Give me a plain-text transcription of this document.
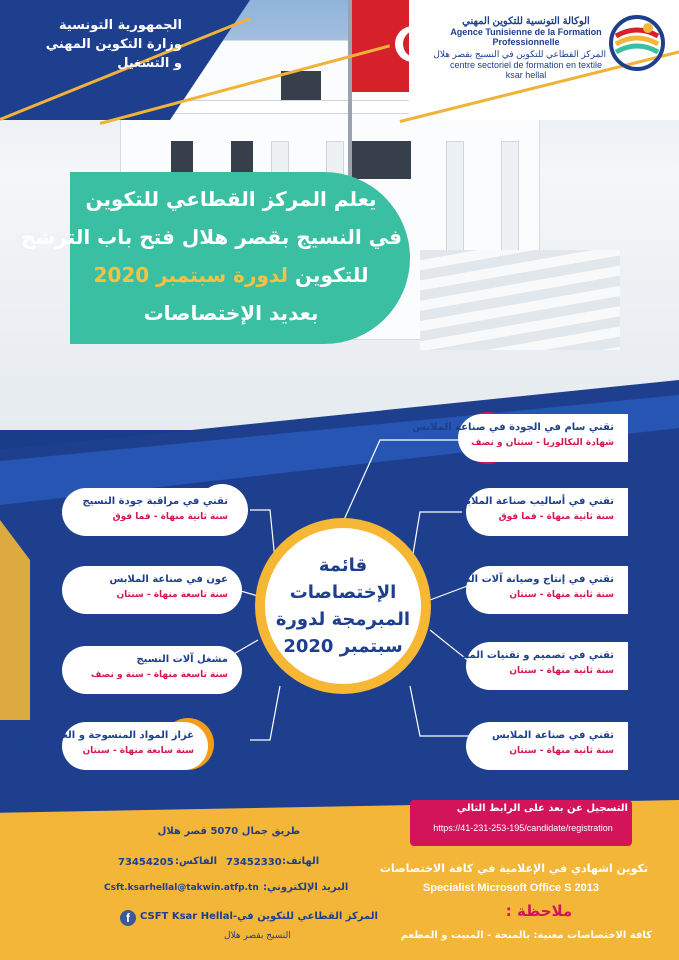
الجمهورية التونسية
وزارة التكوين المهني
و التشغيل
الوكالة التونسية للتكوين المهني
Agence Tunisienne de la Formation Professionnelle
المركز القطاعي للتكوين في النسيج بقصر هلال
centre sectoriel de formation en textile ksar hellal
يعلم المركز القطاعي للتكوين
في النسيج بقصر هلال فتح باب الترشح
للتكوين لدورة سبتمبر 2020
بعديد الإختصاصات
قائمة
الإختصاصات
المبرمجة لدورة
سبتمبر 2020
تقني سام في الجودة في صناعة الملابس
شهادة البكالوريا - سنتان و نصف
تقني في أساليب صناعة الملابس
سنة ثانية منهاة - فما فوق
تقني في إنتاج وصيانة آلات النسيج
سنة ثانية منهاة - سنتان
تقني في تصميم و تقنيات الملابس
سنة ثانية منهاة - سنتان
تقني في صناعة الملابس
سنة ثانية منهاة - سنتان
تقني في مراقبة جودة النسيج
سنة ثانية منهاة - فما فوق
عون في صناعة الملابس
سنة تاسعة منهاة - سنتان
مشغل آلات النسيج
سنة تاسعة منهاة - سنة و نصف
غزاز المواد المنسوجة و الغير منسوجة
سنة سابعة منهاة - سنتان
طريق جمال 5070 قصر هلال
الهاتف:
73452330
الفاكس:
73454205
البريد الإلكتروني:
Csft.ksarhellal@takwin.atfp.tn
f	CSFT Ksar Hellal-المركز القطاعي للتكوين في
النسيج بقصر هلال
التسجيل عن بعد على الرابط التالي
https://41-231-253-195/candidate/registration
تكوين اشهادي في الإعلامية في كافة الاختصاصات
Specialist Microsoft Office S 2013
ملاحظة :
كافة الاختصاصات معنية: بالمنحة - المبيت و المطعم
